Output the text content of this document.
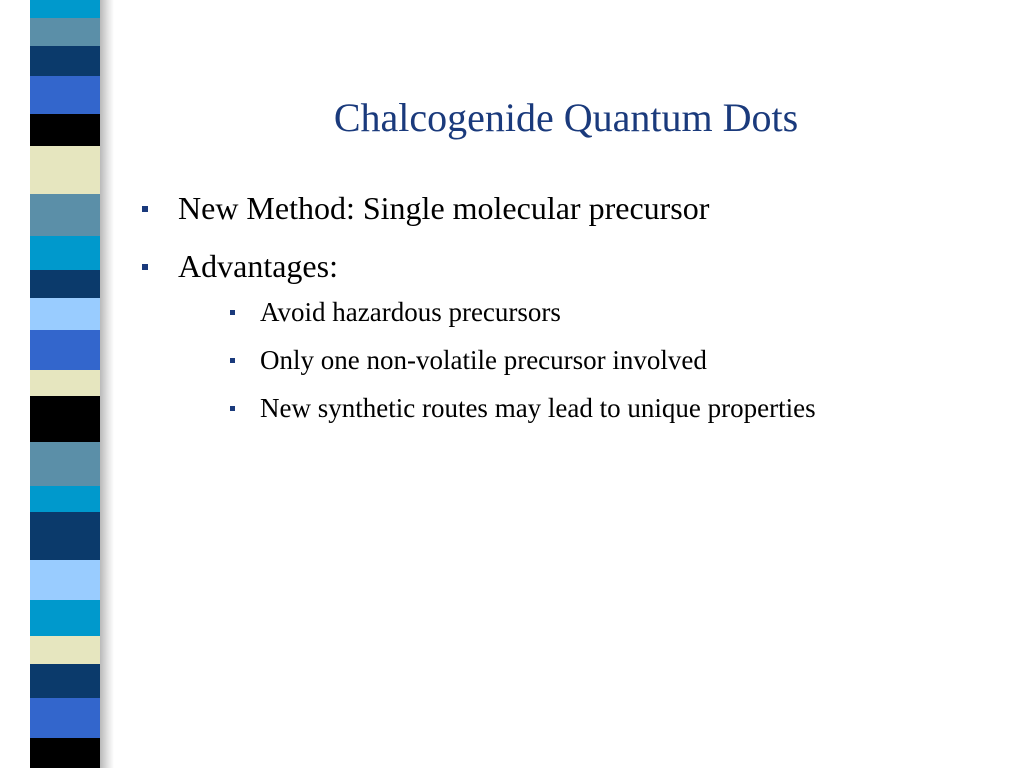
Chalcogenide Quantum Dots
New Method: Single molecular precursor
Advantages:
Avoid hazardous precursors
Only one non-volatile precursor involved
New synthetic routes may lead to unique properties
